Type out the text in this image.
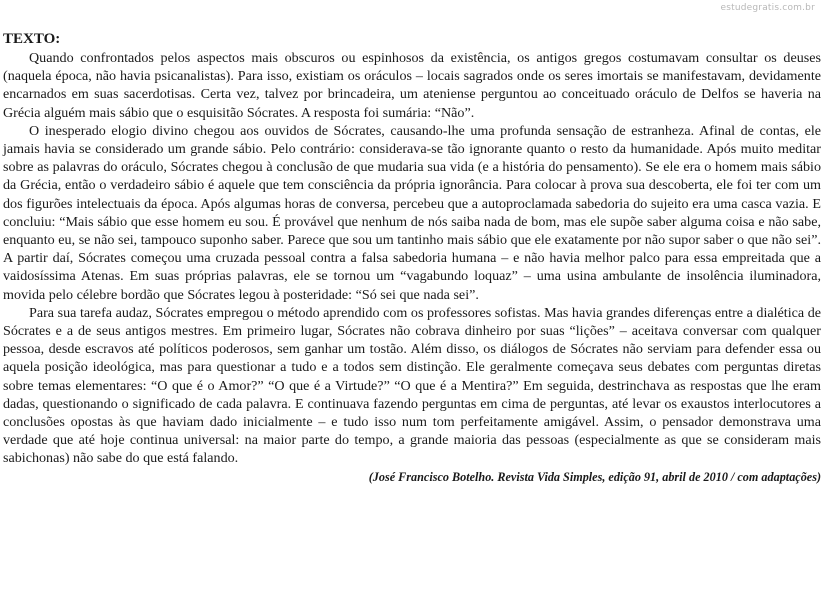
estudegratis.com.br
TEXTO:

Quando confrontados pelos aspectos mais obscuros ou espinhosos da existência, os antigos gregos costumavam consultar os deuses (naquela época, não havia psicanalistas). Para isso, existiam os oráculos – locais sagrados onde os seres imortais se manifestavam, devidamente encarnados em suas sacerdotisas. Certa vez, talvez por brincadeira, um ateniense perguntou ao conceituado oráculo de Delfos se haveria na Grécia alguém mais sábio que o esquisitão Sócrates. A resposta foi sumária: “Não”.

O inesperado elogio divino chegou aos ouvidos de Sócrates, causando-lhe uma profunda sensação de estranheza. Afinal de contas, ele jamais havia se considerado um grande sábio. Pelo contrário: considerava-se tão ignorante quanto o resto da humanidade. Após muito meditar sobre as palavras do oráculo, Sócrates chegou à conclusão de que mudaria sua vida (e a história do pensamento). Se ele era o homem mais sábio da Grécia, então o verdadeiro sábio é aquele que tem consciência da própria ignorância. Para colocar à prova sua descoberta, ele foi ter com um dos figurões intelectuais da época. Após algumas horas de conversa, percebeu que a autoproclamada sabedoria do sujeito era uma casca vazia. E concluiu: “Mais sábio que esse homem eu sou. É provável que nenhum de nós saiba nada de bom, mas ele supõe saber alguma coisa e não sabe, enquanto eu, se não sei, tampouco suponho saber. Parece que sou um tantinho mais sábio que ele exatamente por não supor saber o que não sei”. A partir daí, Sócrates começou uma cruzada pessoal contra a falsa sabedoria humana – e não havia melhor palco para essa empreitada que a vaidosíssima Atenas. Em suas próprias palavras, ele se tornou um “vagabundo loquaz” – uma usina ambulante de insolência iluminadora, movida pelo célebre bordão que Sócrates legou à posteridade: “Só sei que nada sei”.

Para sua tarefa audaz, Sócrates empregou o método aprendido com os professores sofistas. Mas havia grandes diferenças entre a dialética de Sócrates e a de seus antigos mestres. Em primeiro lugar, Sócrates não cobrava dinheiro por suas “lições” – aceitava conversar com qualquer pessoa, desde escravos até políticos poderosos, sem ganhar um tostão. Além disso, os diálogos de Sócrates não serviam para defender essa ou aquela posição ideológica, mas para questionar a tudo e a todos sem distinção. Ele geralmente começava seus debates com perguntas diretas sobre temas elementares: “O que é o Amor?” “O que é a Virtude?” “O que é a Mentira?” Em seguida, destrinchava as respostas que lhe eram dadas, questionando o significado de cada palavra. E continuava fazendo perguntas em cima de perguntas, até levar os exaustos interlocutores a conclusões opostas às que haviam dado inicialmente – e tudo isso num tom perfeitamente amigável. Assim, o pensador demonstrava uma verdade que até hoje continua universal: na maior parte do tempo, a grande maioria das pessoas (especialmente as que se consideram mais sabichonas) não sabe do que está falando.

(José Francisco Botelho. Revista Vida Simples, edição 91, abril de 2010 / com adaptações)
